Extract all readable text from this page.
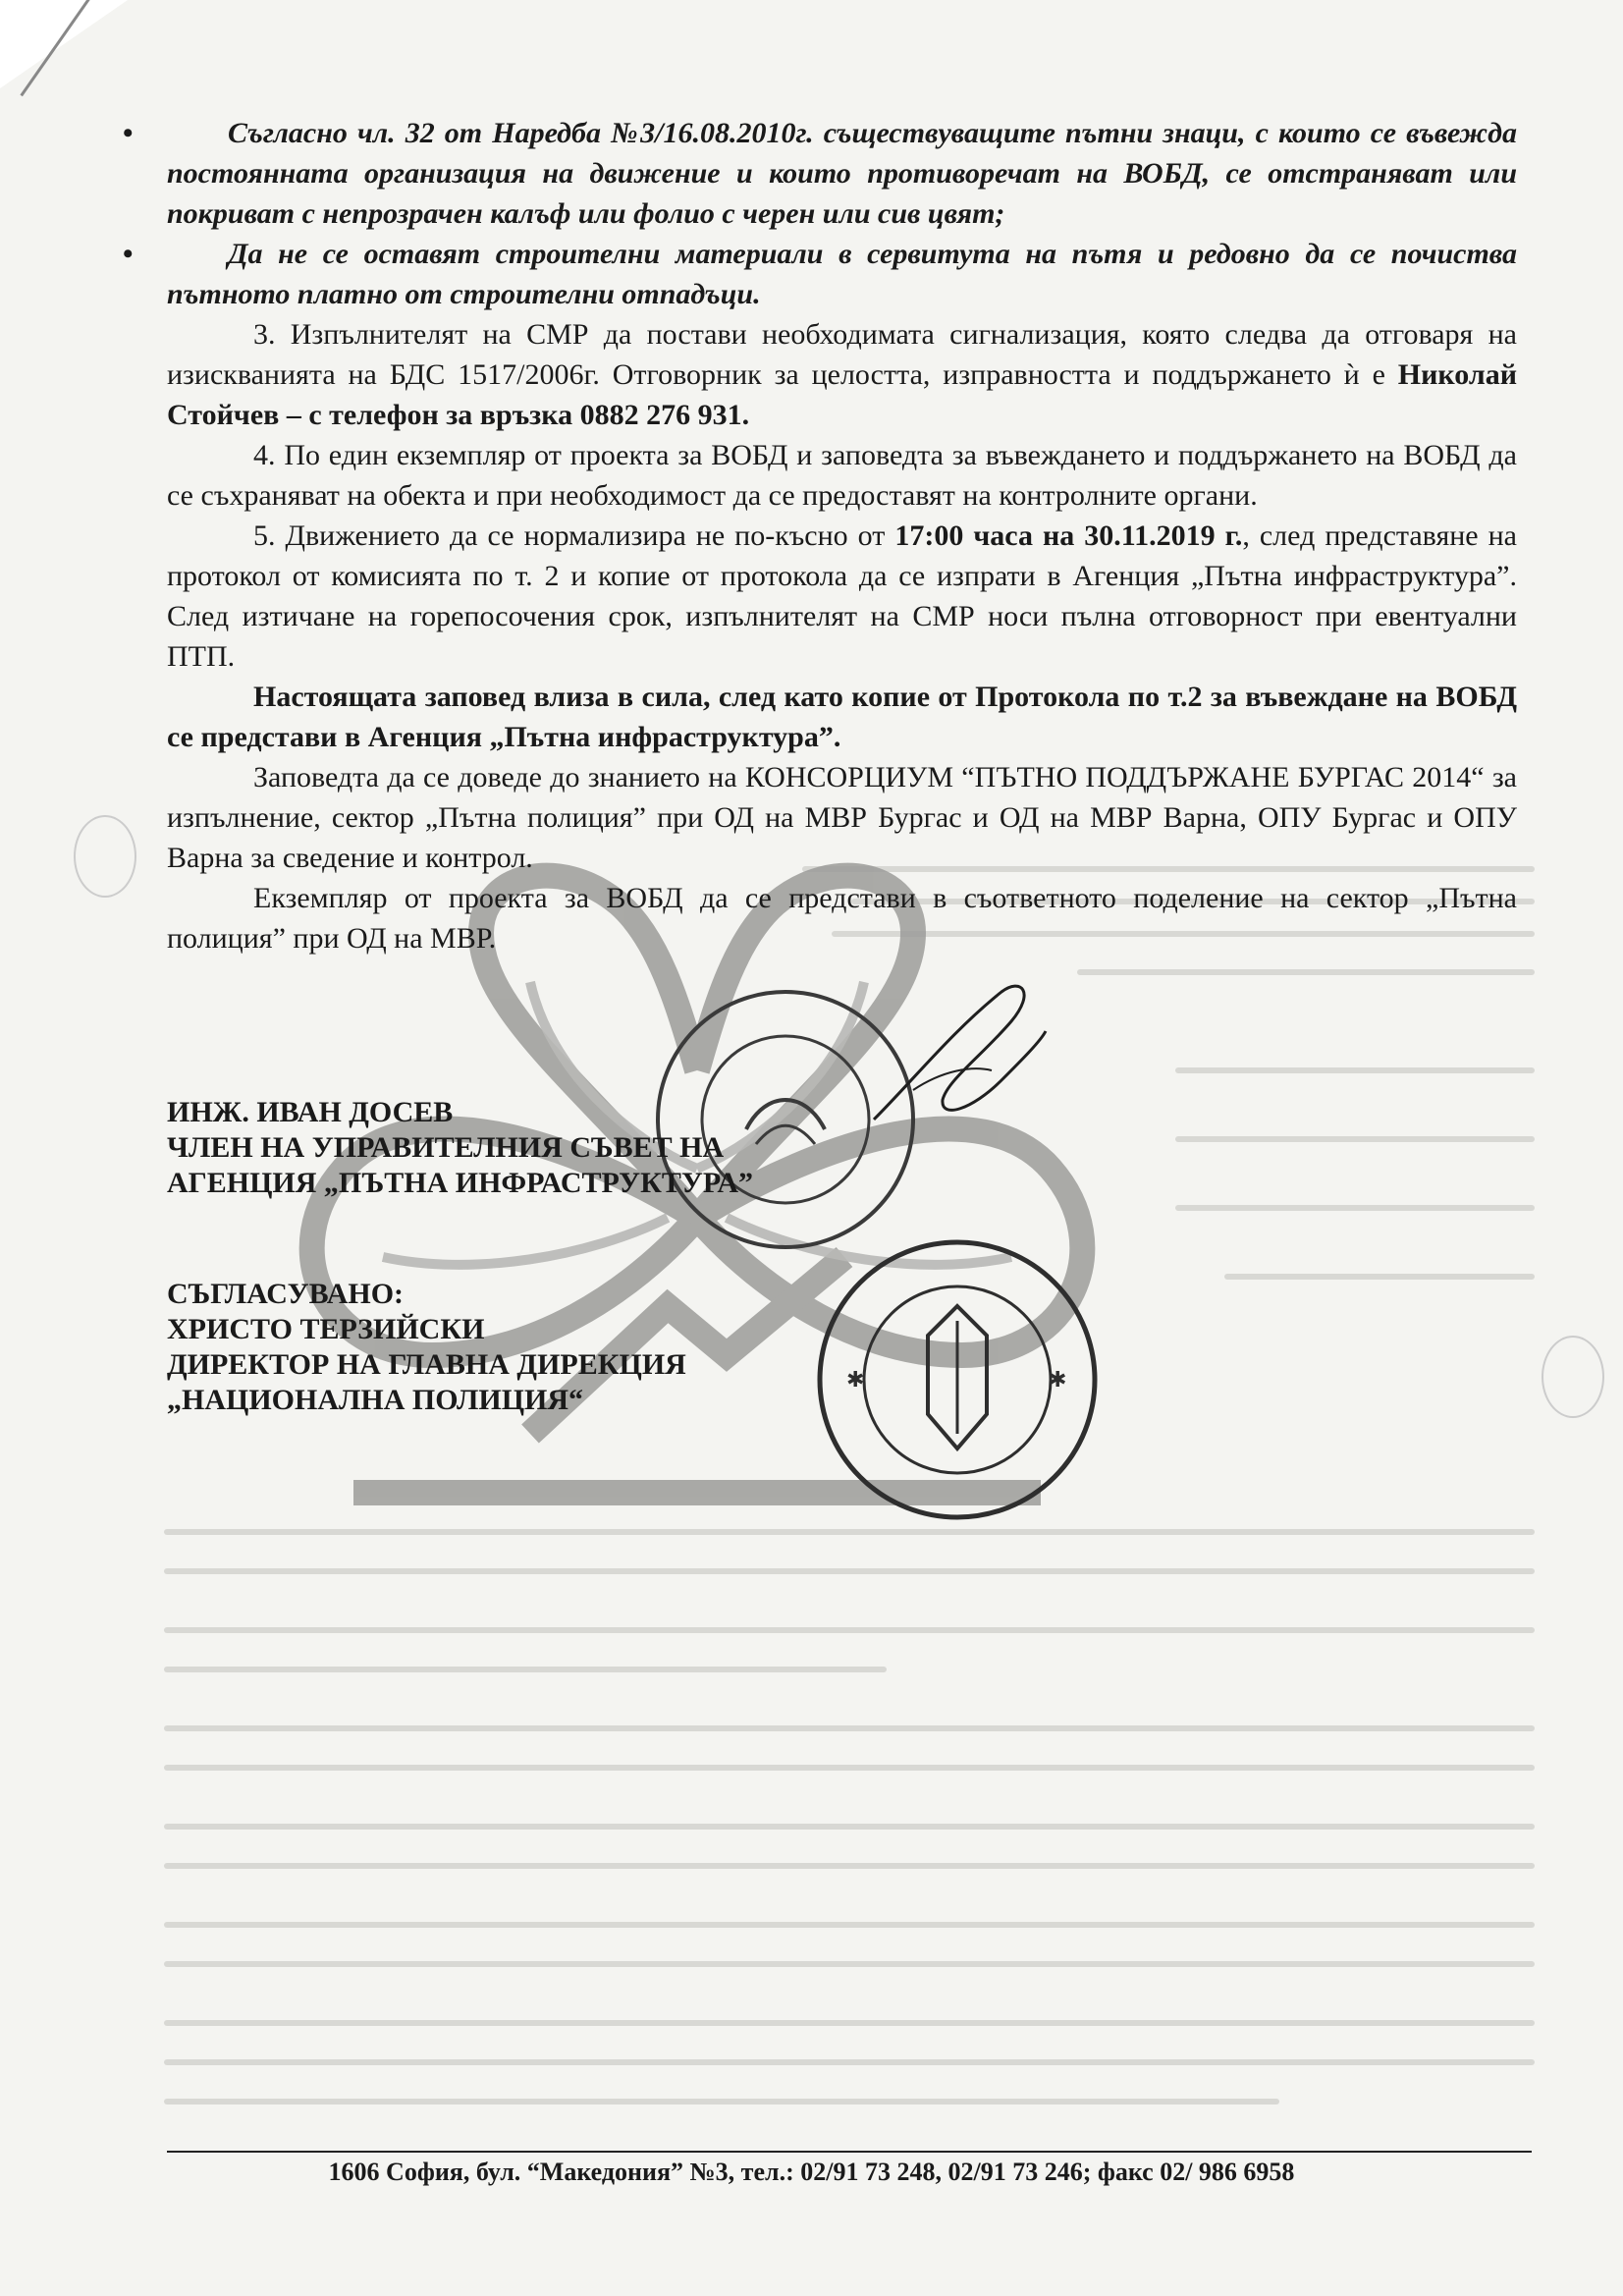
✱	✱
•	Съгласно чл. 32 от Наредба №3/16.08.2010г. съществуващите пътни знаци, с които се въвежда постоянната организация на движение и които противоречат на ВОБД, се отстраняват или покриват с непрозрачен калъф или фолио с черен или сив цвят;
•	Да не се оставят строителни материали в сервитута на пътя и редовно да се почиства пътното платно от строителни отпадъци.

3. Изпълнителят на СМР да постави необходимата сигнализация, която следва да отговаря на изискванията на БДС 1517/2006г. Отговорник за целостта, изправността и поддържането ѝ е Николай Стойчев – с телефон за връзка 0882 276 931.

4. По един екземпляр от проекта за ВОБД и заповедта за въвеждането и поддържането на ВОБД да се съхраняват на обекта и при необходимост да се предоставят на контролните органи.

5. Движението да се нормализира не по-късно от 17:00 часа на 30.11.2019 г., след представяне на протокол от комисията по т. 2 и копие от протокола да се изпрати в Агенция „Пътна инфраструктура”. След изтичане на горепосочения срок, изпълнителят на СМР носи пълна отговорност при евентуални ПТП.

Настоящата заповед влиза в сила, след като копие от Протокола по т.2 за въвеждане на ВОБД се представи в Агенция „Пътна инфраструктура”.

Заповедта да се доведе до знанието на КОНСОРЦИУМ “ПЪТНО ПОДДЪРЖАНЕ БУРГАС 2014“ за изпълнение, сектор „Пътна полиция” при ОД на МВР Бургас и ОД на МВР Варна, ОПУ Бургас и ОПУ Варна за сведение и контрол.

Екземпляр от проекта за ВОБД да се представи в съответното поделение на сектор „Пътна полиция” при ОД на МВР.

ИНЖ. ИВАН ДОСЕВ
ЧЛЕН НА УПРАВИТЕЛНИЯ СЪВЕТ НА
АГЕНЦИЯ „ПЪТНА ИНФРАСТРУКТУРА”
СЪГЛАСУВАНО:
ХРИСТО ТЕРЗИЙСКИ
ДИРЕКТОР НА ГЛАВНА ДИРЕКЦИЯ
„НАЦИОНАЛНА ПОЛИЦИЯ“
1606 София, бул. “Македония” №3, тел.: 02/91 73 248, 02/91 73 246; факс 02/ 986 6958
